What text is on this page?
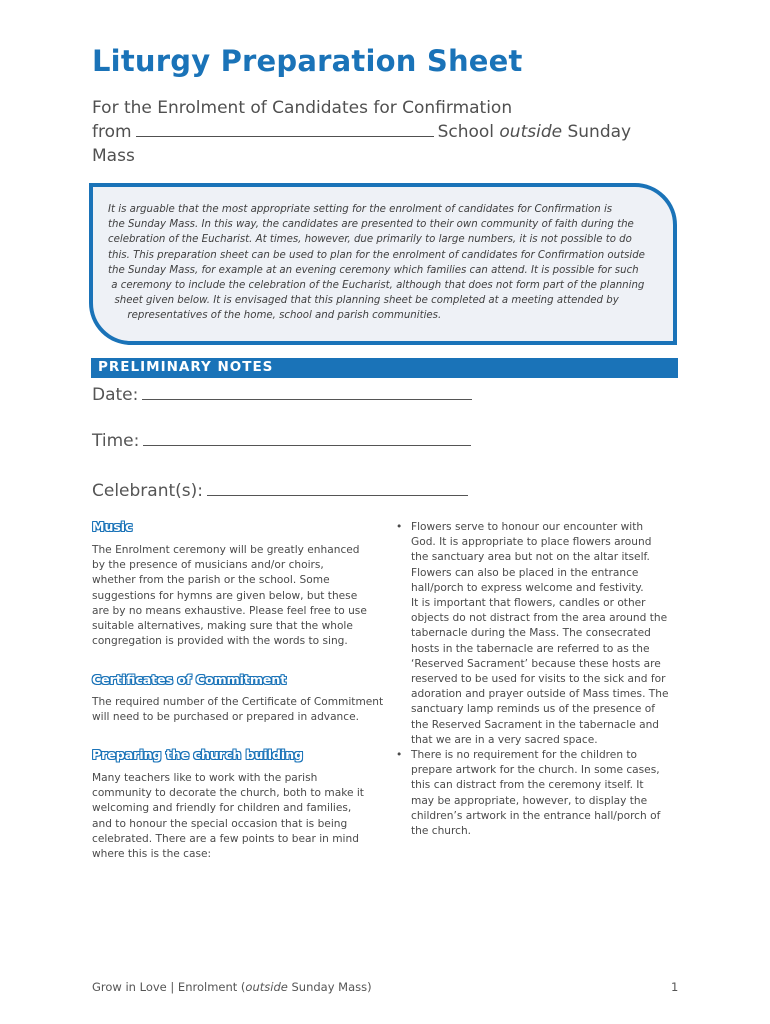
Liturgy Preparation Sheet
For the Enrolment of Candidates for Confirmation
from	School outside Sunday
Mass
It is arguable that the most appropriate setting for the enrolment of candidates for Confirmation is
the Sunday Mass. In this way, the candidates are presented to their own community of faith during the
celebration of the Eucharist. At times, however, due primarily to large numbers, it is not possible to do
this. This preparation sheet can be used to plan for the enrolment of candidates for Confirmation outside
the Sunday Mass, for example at an evening ceremony which families can attend. It is possible for such
a ceremony to include the celebration of the Eucharist, although that does not form part of the planning
sheet given below. It is envisaged that this planning sheet be completed at a meeting attended by
representatives of the home, school and parish communities.
PRELIMINARY NOTES
Date:
Time:
Celebrant(s):
Music
The Enrolment ceremony will be greatly enhanced
by the presence of musicians and/or choirs,
whether from the parish or the school. Some
suggestions for hymns are given below, but these
are by no means exhaustive. Please feel free to use
suitable alternatives, making sure that the whole
congregation is provided with the words to sing.
Certificates of Commitment
The required number of the Certificate of Commitment
will need to be purchased or prepared in advance.
Preparing the church building
Many teachers like to work with the parish
community to decorate the church, both to make it
welcoming and friendly for children and families,
and to honour the special occasion that is being
celebrated. There are a few points to bear in mind
where this is the case:
• Flowers serve to honour our encounter with
God. It is appropriate to place flowers around
the sanctuary area but not on the altar itself.
Flowers can also be placed in the entrance
hall/porch to express welcome and festivity.
It is important that flowers, candles or other
objects do not distract from the area around the
tabernacle during the Mass. The consecrated
hosts in the tabernacle are referred to as the
‘Reserved Sacrament’ because these hosts are
reserved to be used for visits to the sick and for
adoration and prayer outside of Mass times. The
sanctuary lamp reminds us of the presence of
the Reserved Sacrament in the tabernacle and
that we are in a very sacred space.
• There is no requirement for the children to
prepare artwork for the church. In some cases,
this can distract from the ceremony itself. It
may be appropriate, however, to display the
children’s artwork in the entrance hall/porch of
the church.
Grow in Love | Enrolment (outside Sunday Mass)	1
